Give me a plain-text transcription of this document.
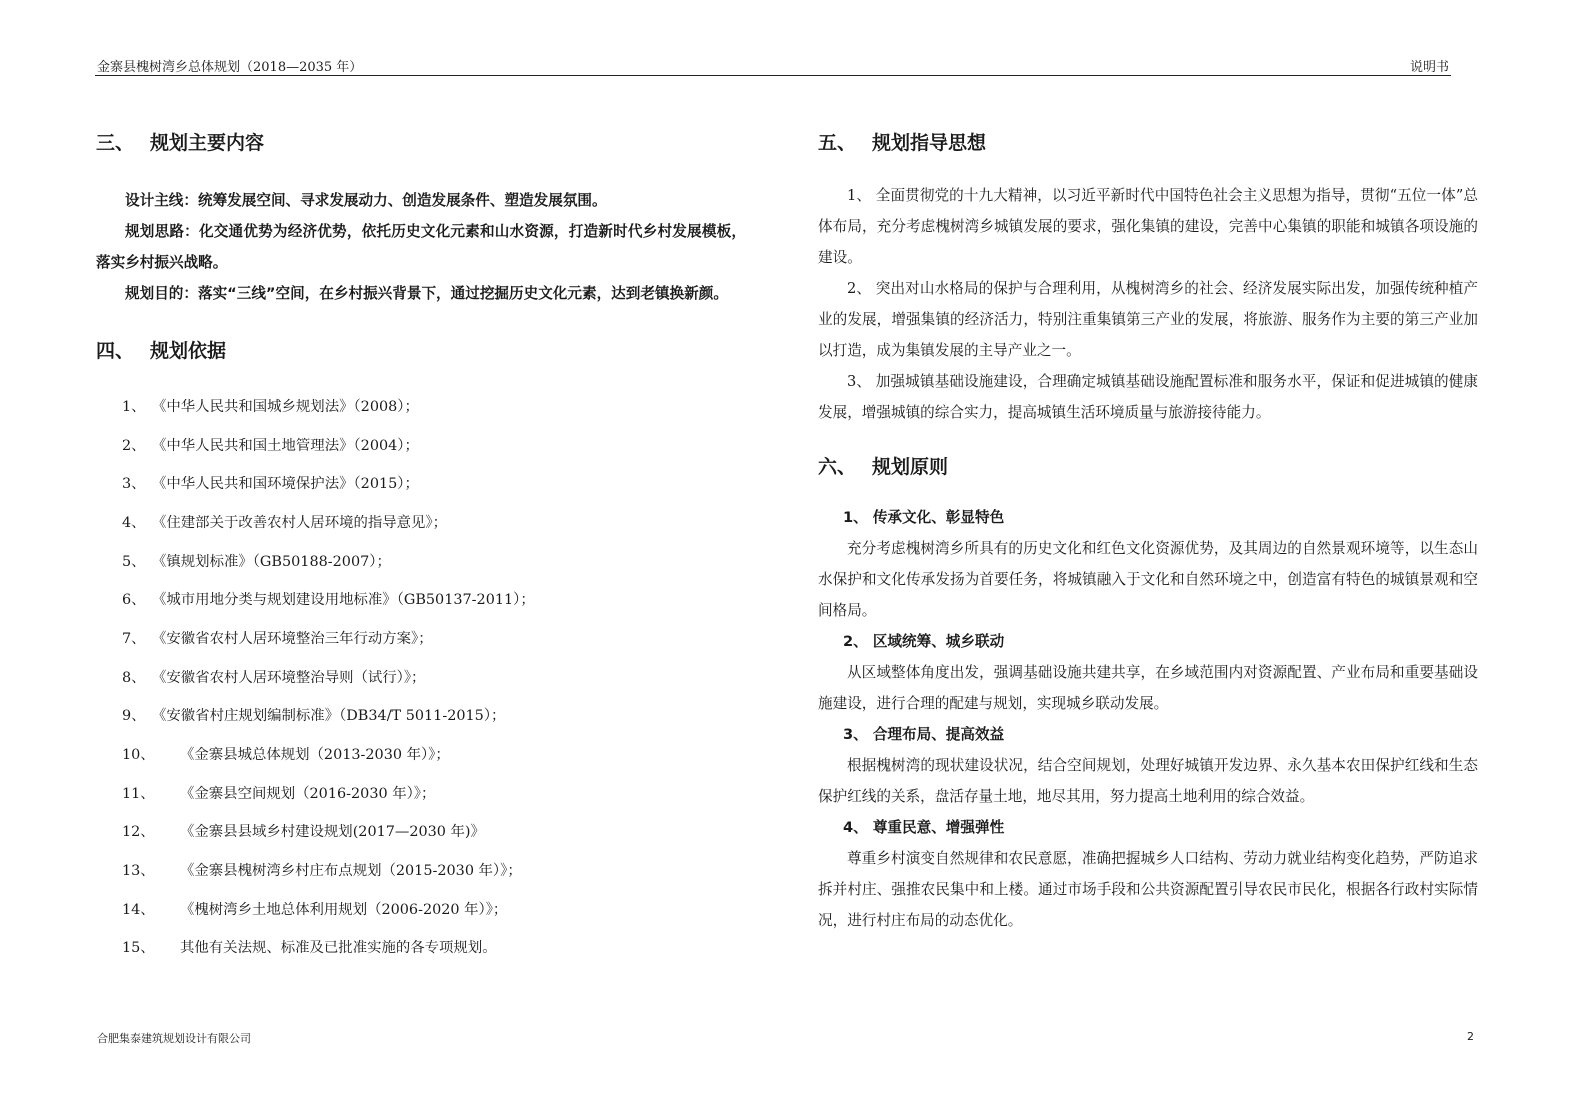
金寨县槐树湾乡总体规划（2018—2035 年）	说明书
三、 规划主要内容

设计主线：统筹发展空间、寻求发展动力、创造发展条件、塑造发展氛围。

规划思路：化交通优势为经济优势，依托历史文化元素和山水资源，打造新时代乡村发展模板，落实乡村振兴战略。

规划目的：落实“三线”空间，在乡村振兴背景下，通过挖掘历史文化元素，达到老镇换新颜。

四、 规划依据
1、 《中华人民共和国城乡规划法》（2008）；
2、 《中华人民共和国土地管理法》（2004）；
3、 《中华人民共和国环境保护法》（2015）；
4、 《住建部关于改善农村人居环境的指导意见》；
5、 《镇规划标准》（GB50188-2007）；
6、 《城市用地分类与规划建设用地标准》（GB50137-2011）；
7、 《安徽省农村人居环境整治三年行动方案》；
8、 《安徽省农村人居环境整治导则（试行）》；
9、 《安徽省村庄规划编制标准》（DB34/T 5011-2015）；
10、	《金寨县城总体规划（2013-2030 年）》；
11、	《金寨县空间规划（2016-2030 年）》；
12、	《金寨县县域乡村建设规划(2017—2030 年)》
13、	《金寨县槐树湾乡村庄布点规划（2015-2030 年）》；
14、	《槐树湾乡土地总体利用规划（2006-2020 年）》；
15、	其他有关法规、标准及已批准实施的各专项规划。
五、 规划指导思想

1、 全面贯彻党的十九大精神，以习近平新时代中国特色社会主义思想为指导，贯彻“五位一体”总体布局，充分考虑槐树湾乡城镇发展的要求，强化集镇的建设，完善中心集镇的职能和城镇各项设施的建设。

2、 突出对山水格局的保护与合理利用，从槐树湾乡的社会、经济发展实际出发，加强传统种植产业的发展，增强集镇的经济活力，特别注重集镇第三产业的发展，将旅游、服务作为主要的第三产业加以打造，成为集镇发展的主导产业之一。

3、 加强城镇基础设施建设，合理确定城镇基础设施配置标准和服务水平，保证和促进城镇的健康发展，增强城镇的综合实力，提高城镇生活环境质量与旅游接待能力。

六、 规划原则
1、 传承文化、彰显特色

充分考虑槐树湾乡所具有的历史文化和红色文化资源优势，及其周边的自然景观环境等，以生态山水保护和文化传承发扬为首要任务，将城镇融入于文化和自然环境之中，创造富有特色的城镇景观和空间格局。

2、 区域统筹、城乡联动

从区域整体角度出发，强调基础设施共建共享，在乡域范围内对资源配置、产业布局和重要基础设施建设，进行合理的配建与规划，实现城乡联动发展。

3、 合理布局、提高效益

根据槐树湾的现状建设状况，结合空间规划，处理好城镇开发边界、永久基本农田保护红线和生态保护红线的关系，盘活存量土地，地尽其用，努力提高土地利用的综合效益。

4、 尊重民意、增强弹性

尊重乡村演变自然规律和农民意愿，准确把握城乡人口结构、劳动力就业结构变化趋势，严防追求拆并村庄、强推农民集中和上楼。通过市场手段和公共资源配置引导农民市民化，根据各行政村实际情况，进行村庄布局的动态优化。

合肥集泰建筑规划设计有限公司	2
